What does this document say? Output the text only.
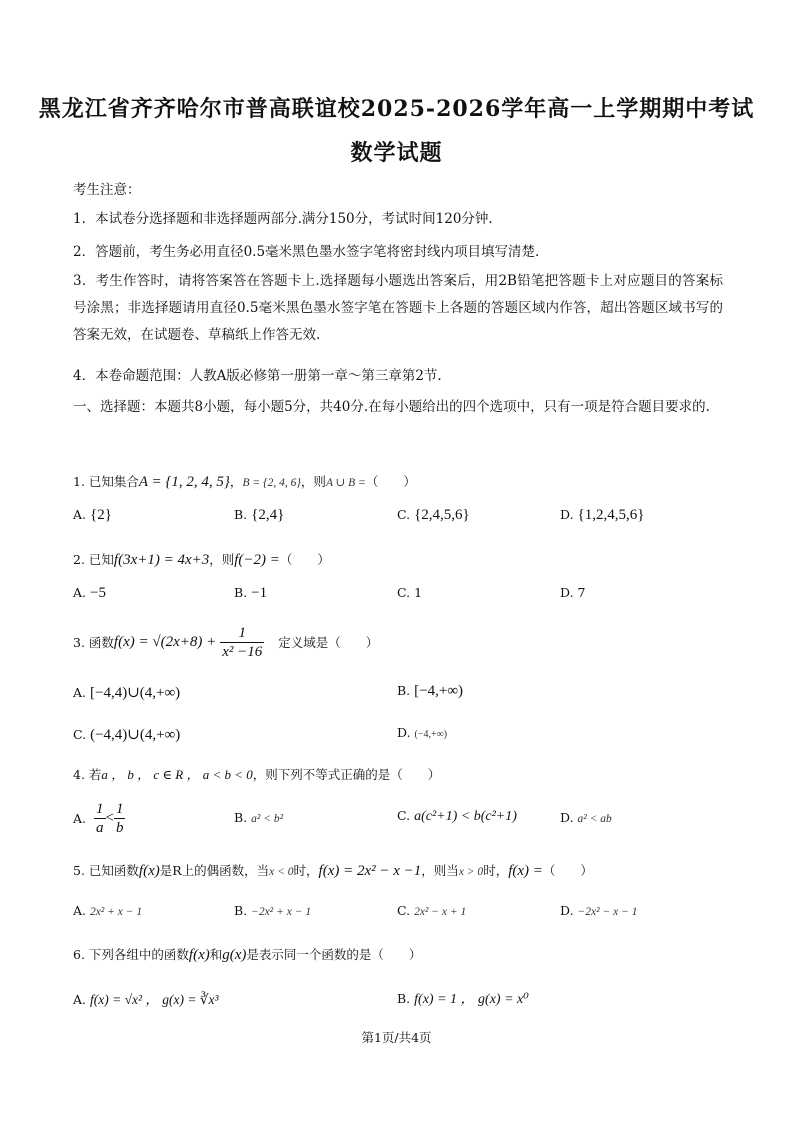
黑龙江省齐齐哈尔市普高联谊校2025-2026学年高一上学期期中考试
数学试题
考生注意：
1．本试卷分选择题和非选择题两部分.满分150分，考试时间120分钟.
2．答题前，考生务必用直径0.5毫米黑色墨水签字笔将密封线内项目填写清楚.
3．考生作答时，请将答案答在答题卡上.选择题每小题选出答案后，用2B铅笔把答题卡上对应题目的答案标号涂黑；非选择题请用直径0.5毫米黑色墨水签字笔在答题卡上各题的答题区域内作答，超出答题区域书写的答案无效，在试题卷、草稿纸上作答无效.
4．本卷命题范围：人教A版必修第一册第一章～第三章第2节.
一、选择题：本题共8小题，每小题5分，共40分.在每小题给出的四个选项中，只有一项是符合题目要求的.
1. 已知集合A = {1, 2, 4, 5}，B = {2, 4, 6}，则A ∪ B =（　　）
A. {2}	B. {2,4}	C. {2,4,5,6}	D. {1,2,4,5,6}
2. 已知f(3x+1) = 4x+3，则f(−2) =（　　）
A. −5	B. −1	C. 1	D. 7
3. 函数 $f(x) = √(2x+8) + \frac{1}{\text{x² −16}}$ 定义域是（　　）
A. [−4,4)∪(4,+∞)	B. [−4,+∞)
C. (−4,4)∪(4,+∞)	D. (−4,+∞)
4. 若a ， b ， c ∈ R ， a < b < 0，则下列不等式正确的是（　　）
A. $\frac{1}{a} < \frac{1}{b}$	B. a² < b²	C. a(c²+1) < b(c²+1)	D. a² < ab
5. 已知函数f(x)是R上的偶函数，当x < 0时，f(x) = 2x² − x −1，则当x > 0时，f(x) =（　　）
A. 2x² + x − 1	B. −2x² + x − 1	C. 2x² − x + 1	D. −2x² − x − 1
6. 下列各组中的函数f(x)和g(x)是表示同一个函数的是（　　）
A. f(x) = √x² ， g(x) = ∛x³	B. f(x) = 1 ， g(x) = x⁰
第1页/共4页
